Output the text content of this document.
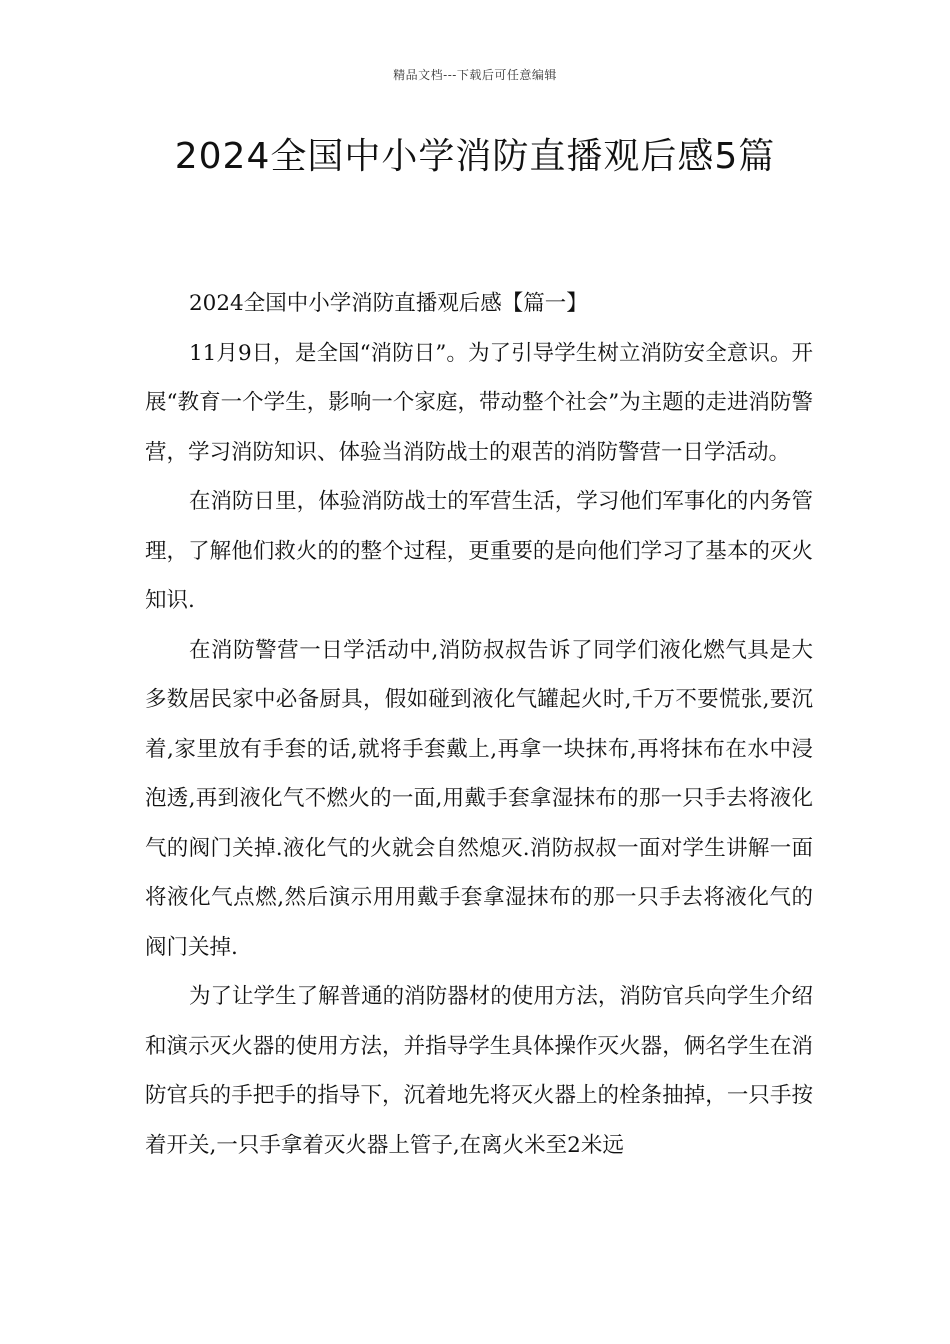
精品文档---下载后可任意编辑
2024全国中小学消防直播观后感5篇

2024全国中小学消防直播观后感【篇一】

11月9日，是全国“消防日”。为了引导学生树立消防安全意识。开展“教育一个学生，影响一个家庭，带动整个社会”为主题的走进消防警营，学习消防知识、体验当消防战士的艰苦的消防警营一日学活动。

在消防日里，体验消防战士的军营生活，学习他们军事化的内务管理，了解他们救火的的整个过程，更重要的是向他们学习了基本的灭火知识.

在消防警营一日学活动中,消防叔叔告诉了同学们液化燃气具是大多数居民家中必备厨具，假如碰到液化气罐起火时,千万不要慌张,要沉着,家里放有手套的话,就将手套戴上,再拿一块抹布,再将抹布在水中浸泡透,再到液化气不燃火的一面,用戴手套拿湿抹布的那一只手去将液化气的阀门关掉.液化气的火就会自然熄灭.消防叔叔一面对学生讲解一面将液化气点燃,然后演示用用戴手套拿湿抹布的那一只手去将液化气的阀门关掉.

为了让学生了解普通的消防器材的使用方法，消防官兵向学生介绍和演示灭火器的使用方法，并指导学生具体操作灭火器，俩名学生在消防官兵的手把手的指导下，沉着地先将灭火器上的栓条抽掉，一只手按着开关,一只手拿着灭火器上管子,在离火米至2米远
